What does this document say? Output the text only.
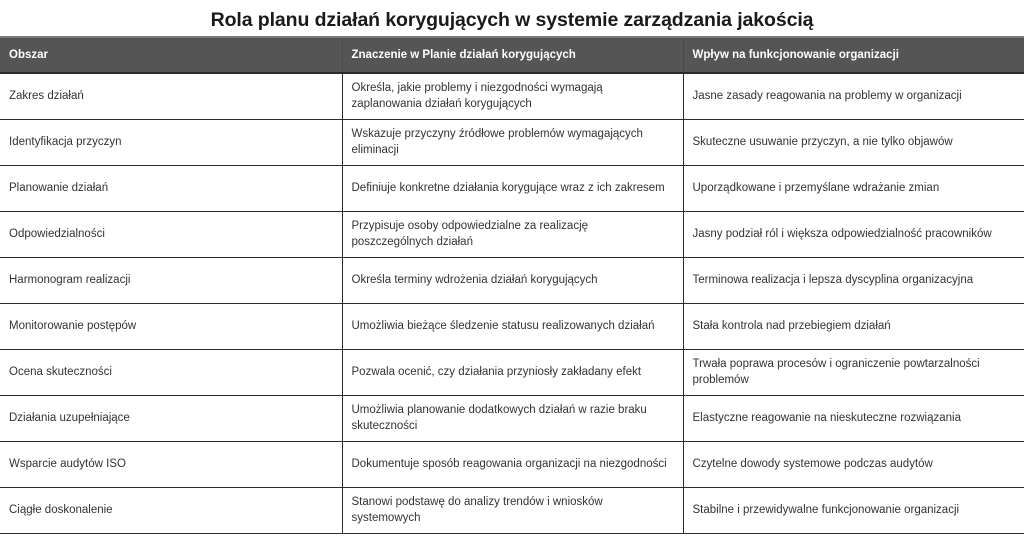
Rola planu działań korygujących w systemie zarządzania jakością
Obszar	Znaczenie w Planie działań korygujących	Wpływ na funkcjonowanie organizacji

Zakres działań	Określa, jakie problemy i niezgodności wymagają zaplanowania działań korygujących	Jasne zasady reagowania na problemy w organizacji

Identyfikacja przyczyn	Wskazuje przyczyny źródłowe problemów wymagających eliminacji	Skuteczne usuwanie przyczyn, a nie tylko objawów

Planowanie działań	Definiuje konkretne działania korygujące wraz z ich zakresem	Uporządkowane i przemyślane wdrażanie zmian

Odpowiedzialności	Przypisuje osoby odpowiedzialne za realizację poszczególnych działań	Jasny podział ról i większa odpowiedzialność pracowników

Harmonogram realizacji	Określa terminy wdrożenia działań korygujących	Terminowa realizacja i lepsza dyscyplina organizacyjna

Monitorowanie postępów	Umożliwia bieżące śledzenie statusu realizowanych działań	Stała kontrola nad przebiegiem działań

Ocena skuteczności	Pozwala ocenić, czy działania przyniosły zakładany efekt	Trwała poprawa procesów i ograniczenie powtarzalności problemów

Działania uzupełniające	Umożliwia planowanie dodatkowych działań w razie braku skuteczności	Elastyczne reagowanie na nieskuteczne rozwiązania

Wsparcie audytów ISO	Dokumentuje sposób reagowania organizacji na niezgodności	Czytelne dowody systemowe podczas audytów

Ciągłe doskonalenie	Stanowi podstawę do analizy trendów i wniosków systemowych	Stabilne i przewidywalne funkcjonowanie organizacji
